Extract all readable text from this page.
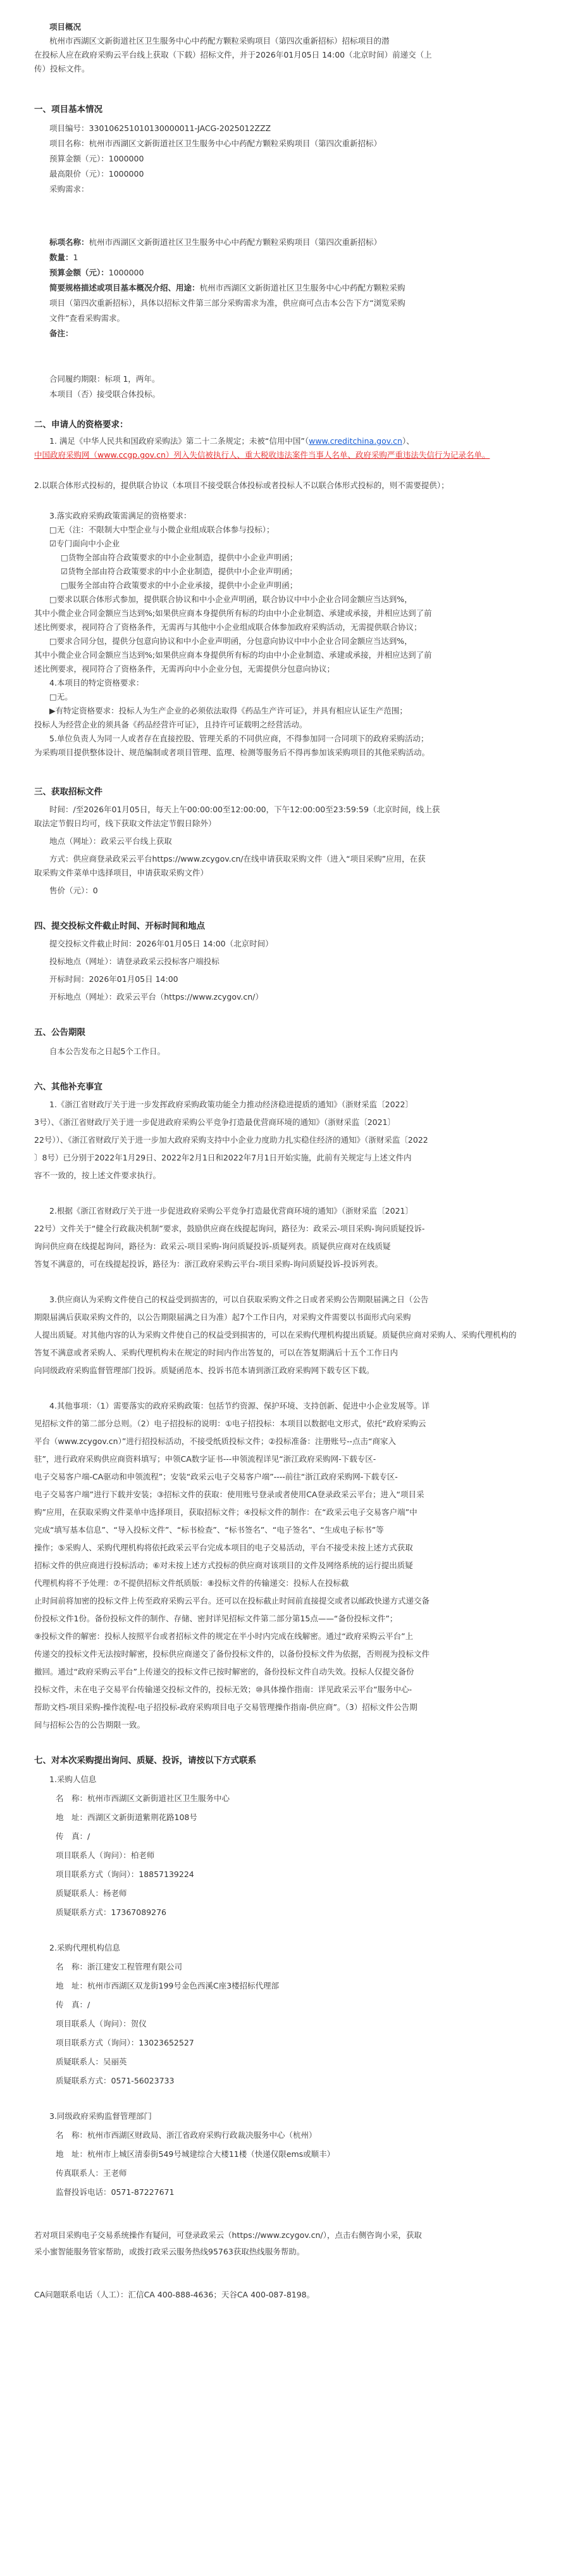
项目概况
杭州市西湖区文新街道社区卫生服务中心中药配方颗粒采购项目（第四次重新招标）招标项目的潜
在投标人应在政府采购云平台线上获取（下载）招标文件，并于2026年01月05日 14:00（北京时间）前递交（上
传）投标文件。
一、项目基本情况
项目编号：330106251010130000011-JACG-2025012ZZZ
项目名称：杭州市西湖区文新街道社区卫生服务中心中药配方颗粒采购项目（第四次重新招标）
预算金额（元）：1000000
最高限价（元）：1000000
采购需求：
标项名称：杭州市西湖区文新街道社区卫生服务中心中药配方颗粒采购项目（第四次重新招标）
数量：1
预算金额（元）：1000000
简要规格描述或项目基本概况介绍、用途：杭州市西湖区文新街道社区卫生服务中心中药配方颗粒采购
项目（第四次重新招标），具体以招标文件第三部分采购需求为准，供应商可点击本公告下方“浏览采购
文件”查看采购需求。
备注：
合同履约期限：标项 1，两年。
本项目（否）接受联合体投标。
二、申请人的资格要求：
1. 满足《中华人民共和国政府采购法》第二十二条规定；未被“信用中国”（www.creditchina.gov.cn）、
中国政府采购网（www.ccgp.gov.cn）列入失信被执行人、重大税收违法案件当事人名单、政府采购严重违法失信行为记录名单。
2.以联合体形式投标的，提供联合协议（本项目不接受联合体投标或者投标人不以联合体形式投标的，则不需要提供）；
3.落实政府采购政策需满足的资格要求：
□无（注：不限制大中型企业与小微企业组成联合体参与投标）；
☑专门面向中小企业
□货物全部由符合政策要求的中小企业制造，提供中小企业声明函；
☑货物全部由符合政策要求的中小企业制造，提供中小企业声明函；
□服务全部由符合政策要求的中小企业承接，提供中小企业声明函；
□要求以联合体形式参加，提供联合协议和中小企业声明函，联合协议中中小企业合同金额应当达到%，
其中小微企业合同金额应当达到%;如果供应商本身提供所有标的均由中小企业制造、承建或承接，并相应达到了前
述比例要求，视同符合了资格条件，无需再与其他中小企业组成联合体参加政府采购活动，无需提供联合协议；
□要求合同分包，提供分包意向协议和中小企业声明函，分包意向协议中中小企业合同金额应当达到%，
其中小微企业合同金额应当达到%;如果供应商本身提供所有标的均由中小企业制造、承建或承接，并相应达到了前
述比例要求，视同符合了资格条件，无需再向中小企业分包，无需提供分包意向协议；
4.本项目的特定资格要求：
□无。
▶有特定资格要求：投标人为生产企业的必须依法取得《药品生产许可证》，并具有相应认证生产范围；
投标人为经营企业的须具备《药品经营许可证》，且持许可证载明之经营活动。
5.单位负责人为同一人或者存在直接控股、管理关系的不同供应商，不得参加同一合同项下的政府采购活动；
为采购项目提供整体设计、规范编制或者项目管理、监理、检测等服务后不得再参加该采购项目的其他采购活动。
三、获取招标文件
时间：/至2026年01月05日，每天上午00:00:00至12:00:00，下午12:00:00至23:59:59（北京时间，线上获
取法定节假日均可，线下获取文件法定节假日除外）
地点（网址）：政采云平台线上获取
方式：供应商登录政采云平台https://www.zcygov.cn/在线申请获取采购文件（进入“项目采购”应用，在获
取采购文件菜单中选择项目，申请获取采购文件）
售价（元）：0
四、提交投标文件截止时间、开标时间和地点
提交投标文件截止时间：2026年01月05日 14:00（北京时间）
投标地点（网址）：请登录政采云投标客户端投标
开标时间：2026年01月05日 14:00
开标地点（网址）：政采云平台（https://www.zcygov.cn/）
五、公告期限
自本公告发布之日起5个工作日。
六、其他补充事宜
1.《浙江省财政厅关于进一步发挥政府采购政策功能全力推动经济稳进提质的通知》（浙财采监〔2022〕
3号）、《浙江省财政厅关于进一步促进政府采购公平竞争打造最优营商环境的通知》（浙财采监〔2021〕
22号））、《浙江省财政厅关于进一步加大政府采购支持中小企业力度助力扎实稳住经济的通知》（浙财采监〔2022
〕8号）已分别于2022年1月29日、2022年2月1日和2022年7月1日开始实施，此前有关规定与上述文件内
容不一致的，按上述文件要求执行。
2.根据《浙江省财政厅关于进一步促进政府采购公平竞争打造最优营商环境的通知》（浙财采监〔2021〕
22号）文件关于“健全行政裁决机制”要求，鼓励供应商在线提起询问，路径为：政采云-项目采购-询问质疑投诉-
询问供应商在线提起询问，路径为：政采云-项目采购-询问质疑投诉-质疑列表。质疑供应商对在线质疑
答复不满意的，可在线提起投诉，路径为：浙江政府采购云平台-项目采购-询问质疑投诉-投诉列表。
3.供应商认为采购文件使自己的权益受到损害的，可以自获取采购文件之日或者采购公告期限届满之日（公告
期限届满后获取采购文件的，以公告期限届满之日为准）起7个工作日内，对采购文件需要以书面形式向采购
人提出质疑。对其他内容的认为采购文件使自己的权益受到损害的，可以在采购代理机构提出质疑。质疑供应商对采购人、采购代理机构的
答复不满意或者采购人、采购代理机构未在规定的时间内作出答复的，可以在答复期满后十五个工作日内
向同级政府采购监督管理部门投诉。质疑函范本、投诉书范本请到浙江政府采购网下载专区下载。
4.其他事项：（1）需要落实的政府采购政策：包括节约资源、保护环境、支持创新、促进中小企业发展等。详
见招标文件的第二部分总则。（2）电子招投标的说明：①电子招投标：本项目以数据电文形式，依托“政府采购云
平台（www.zcygov.cn）”进行招投标活动，不接受纸质投标文件；②投标准备：注册账号--点击“商家入
驻”，进行政府采购供应商资料填写；申领CA数字证书---申领流程详见“浙江政府采购网-下载专区-
电子交易客户端-CA驱动和申领流程”；安装“政采云电子交易客户端”----前往“浙江政府采购网-下载专区-
电子交易客户端”进行下载并安装；③招标文件的获取：使用账号登录或者使用CA登录政采云平台；进入“项目采
购”应用，在获取采购文件菜单中选择项目，获取招标文件；④投标文件的制作：在“政采云电子交易客户端”中
完成“填写基本信息”、“导入投标文件”、“标书检查”、“标书签名”、“电子签名”、“生成电子标书”等
操作；⑤采购人、采购代理机构将依托政采云平台完成本项目的电子交易活动，平台不接受未按上述方式获取
招标文件的供应商进行投标活动；⑥对未按上述方式投标的供应商对该项目的文件及网络系统的运行提出质疑
代理机构将不予处理：⑦不提供招标文件纸质版：⑧投标文件的传输递交：投标人在投标截
止时间前将加密的投标文件上传至政府采购云平台。还可以在投标截止时间前直接提交或者以邮政快递方式递交备
份投标文件1份。备份投标文件的制作、存储、密封详见招标文件第二部分第15点——“备份投标文件”；
⑨投标文件的解密：投标人按照平台或者招标文件的规定在半小时内完成在线解密。通过“政府采购云平台”上
传递交的投标文件无法按时解密，投标供应商递交了备份投标文件的，以备份投标文件为依据，否则视为投标文件
撤回。通过“政府采购云平台”上传递交的投标文件已按时解密的，备份投标文件自动失效。投标人仅提交备份
投标文件，未在电子交易平台传输递交投标文件的，投标无效；⑩具体操作指南：详见政采云平台“服务中心-
帮助文档-项目采购-操作流程-电子招投标-政府采购项目电子交易管理操作指南-供应商”。（3）招标文件公告期
间与招标公告的公告期限一致。
七、对本次采购提出询问、质疑、投诉，请按以下方式联系
1.采购人信息
名　称：杭州市西湖区文新街道社区卫生服务中心
地　址：西湖区文新街道紫荆花路108号
传　真：/
项目联系人（询问）：柏老师
项目联系方式（询问）：18857139224
质疑联系人：杨老师
质疑联系方式：17367089276
2.采购代理机构信息
名　称：浙江建安工程管理有限公司
地　址：杭州市西湖区双龙街199号金色西溪C座3楼招标代理部
传　真：/
项目联系人（询问）：贺仪
项目联系方式（询问）：13023652527
质疑联系人：吴丽英
质疑联系方式：0571-56023733
3.同级政府采购监督管理部门
名　称：杭州市西湖区财政局、浙江省政府采购行政裁决服务中心（杭州）
地　址：杭州市上城区清泰街549号城建综合大楼11楼（快递仅限ems或顺丰）
传真联系人：王老师
监督投诉电话：0571-87227671
若对项目采购电子交易系统操作有疑问，可登录政采云（https://www.zcygov.cn/），点击右侧咨询小采，获取
采小蜜智能服务管家帮助，或拨打政采云服务热线95763获取热线服务帮助。
CA问题联系电话（人工）：汇信CA 400-888-4636；天谷CA 400-087-8198。
